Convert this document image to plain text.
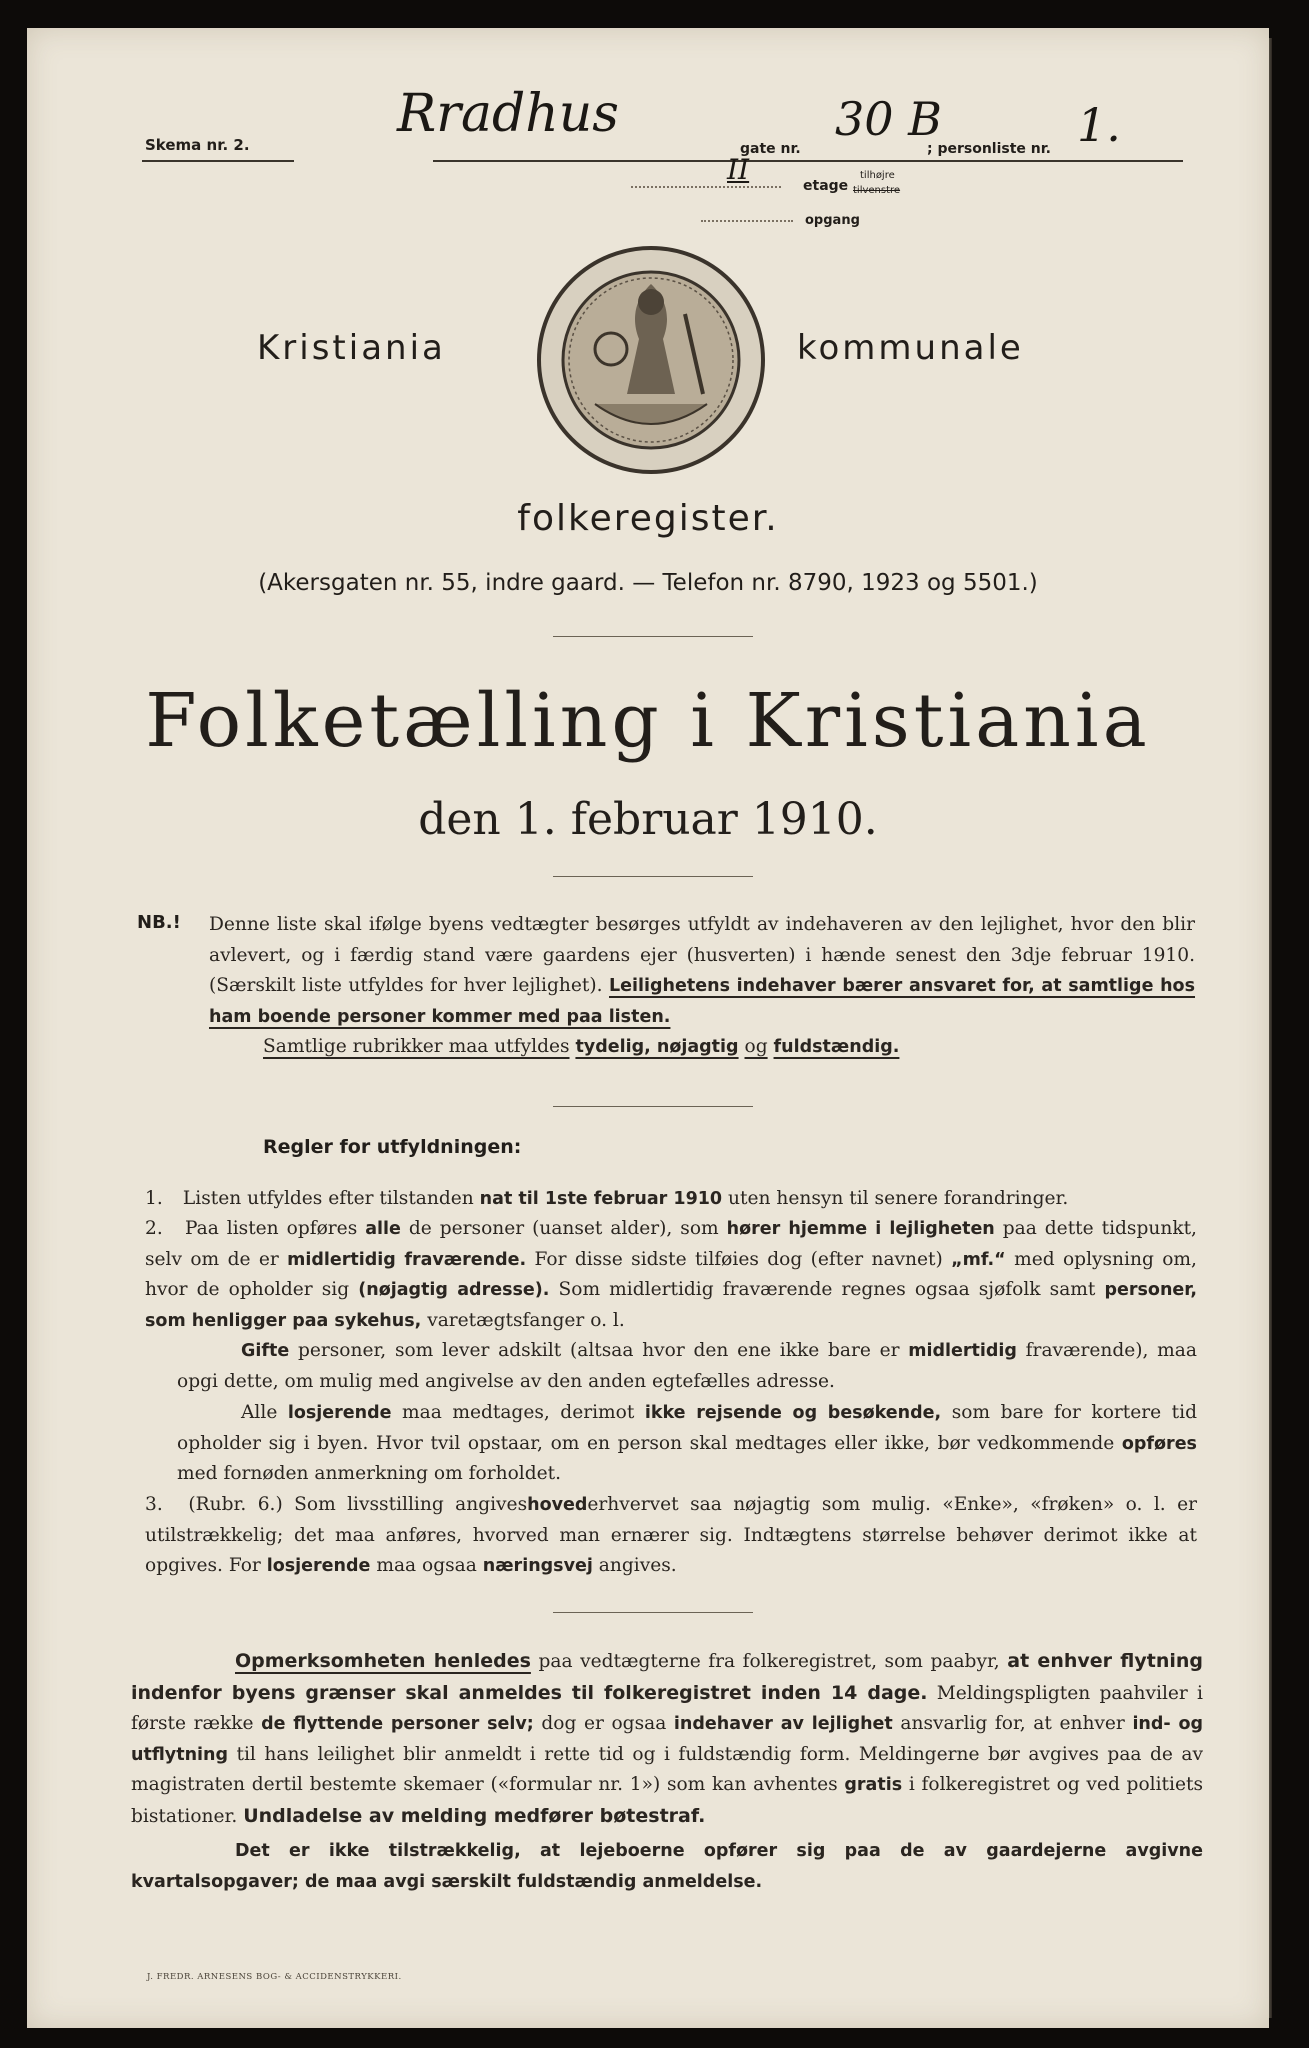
Skema nr. 2.
Rradhus
gate nr.
30 B
; personliste nr. 1.
II	etage
tilhøjre
tilvenstre
opgang
Kristiania	kommunale
folkeregister.
(Akersgaten nr. 55, indre gaard. — Telefon nr. 8790, 1923 og 5501.)
Folketælling i Kristiania
den 1. februar 1910.
NB.! Denne liste skal ifølge byens vedtægter besørges utfyldt av indehaveren av den lejlighet, hvor den blir avlevert, og i færdig stand være gaardens ejer (husverten) i hænde senest den 3dje februar 1910. (Særskilt liste utfyldes for hver lejlighet). Leilighetens indehaver bærer ansvaret for, at samtlige hos ham boende personer kommer med paa listen.
Samtlige rubrikker maa utfyldes tydelig, nøjagtig og fuldstændig.
Regler for utfyldningen:
1. Listen utfyldes efter tilstanden nat til 1ste februar 1910 uten hensyn til senere forandringer.
2. Paa listen opføres alle de personer (uanset alder), som hører hjemme i lejligheten paa dette tidspunkt, selv om de er midlertidig fraværende. For disse sidste tilføies dog (efter navnet) „mf.“ med oplysning om, hvor de opholder sig (nøjagtig adresse). Som midlertidig fraværende regnes ogsaa sjøfolk samt personer, som henligger paa sykehus, varetægtsfanger o. l.
Gifte personer, som lever adskilt (altsaa hvor den ene ikke bare er midlertidig fraværende), maa opgi dette, om mulig med angivelse av den anden egtefælles adresse.
Alle losjerende maa medtages, derimot ikke rejsende og besøkende, som bare for kortere tid opholder sig i byen. Hvor tvil opstaar, om en person skal medtages eller ikke, bør vedkommende opføres med fornøden anmerkning om forholdet.
3. (Rubr. 6.) Som livsstilling angiveshovederhvervet saa nøjagtig som mulig. «Enke», «frøken» o. l. er utilstrækkelig; det maa anføres, hvorved man ernærer sig. Indtægtens størrelse behøver derimot ikke at opgives. For losjerende maa ogsaa næringsvej angives.
Opmerksomheten henledes paa vedtægterne fra folkeregistret, som paabyr, at enhver flytning indenfor byens grænser skal anmeldes til folkeregistret inden 14 dage. Meldingspligten paahviler i første række de flyttende personer selv; dog er ogsaa indehaver av lejlighet ansvarlig for, at enhver ind- og utflytning til hans leilighet blir anmeldt i rette tid og i fuldstændig form. Meldingerne bør avgives paa de av magistraten dertil bestemte skemaer («formular nr. 1») som kan avhentes gratis i folkeregistret og ved politiets bistationer. Undladelse av melding medfører bøtestraf.
Det er ikke tilstrækkelig, at lejeboerne opfører sig paa de av gaardejerne avgivne kvartalsopgaver; de maa avgi særskilt fuldstændig anmeldelse.
J. FREDR. ARNESENS BOG- & ACCIDENSTRYKKERI.
